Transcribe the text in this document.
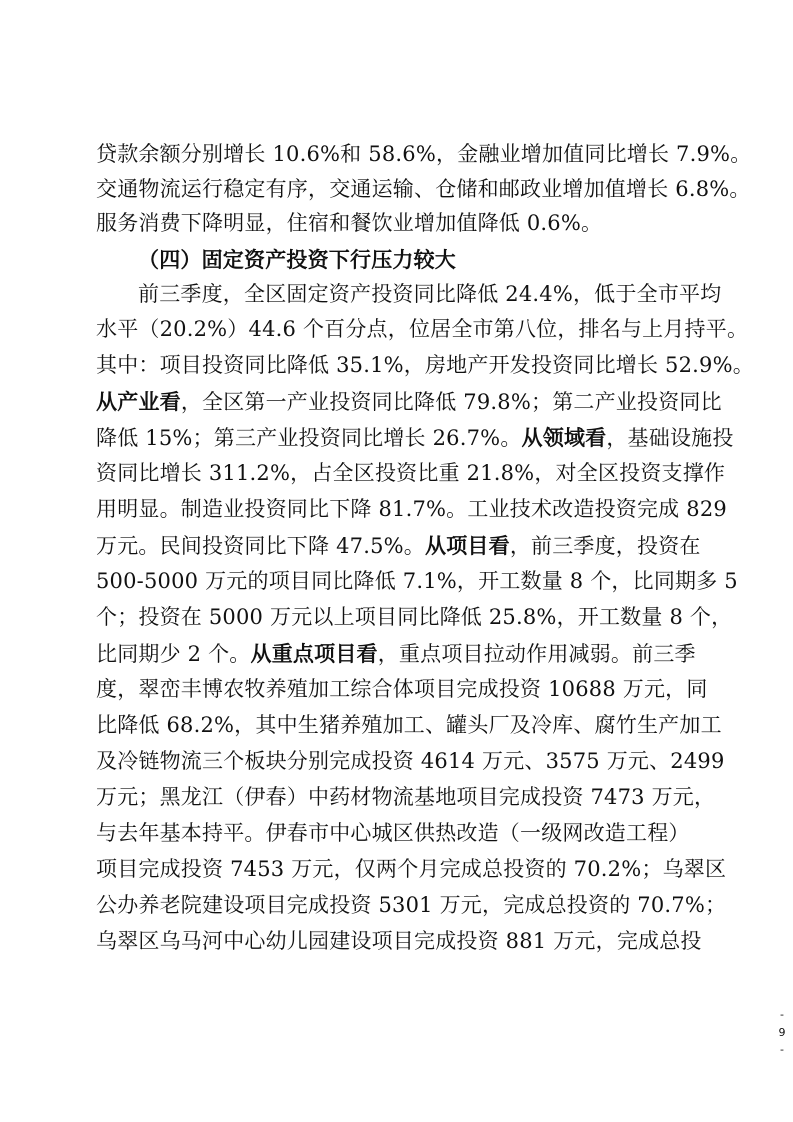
贷款余额分别增长 10.6%和 58.6%，金融业增加值同比增长 7.9%。
交通物流运行稳定有序，交通运输、仓储和邮政业增加值增长 6.8%。
服务消费下降明显，住宿和餐饮业增加值降低 0.6%。
（四）固定资产投资下行压力较大
前三季度，全区固定资产投资同比降低 24.4%，低于全市平均
水平（20.2%）44.6 个百分点，位居全市第八位，排名与上月持平。
其中：项目投资同比降低 35.1%，房地产开发投资同比增长 52.9%。
从产业看，全区第一产业投资同比降低 79.8%；第二产业投资同比
降低 15%；第三产业投资同比增长 26.7%。从领域看，基础设施投
资同比增长 311.2%，占全区投资比重 21.8%，对全区投资支撑作
用明显。制造业投资同比下降 81.7%。工业技术改造投资完成 829
万元。民间投资同比下降 47.5%。从项目看，前三季度，投资在
500-5000 万元的项目同比降低 7.1%，开工数量 8 个，比同期多 5
个；投资在 5000 万元以上项目同比降低 25.8%，开工数量 8 个，
比同期少 2 个。从重点项目看，重点项目拉动作用减弱。前三季
度，翠峦丰博农牧养殖加工综合体项目完成投资 10688 万元，同
比降低 68.2%，其中生猪养殖加工、罐头厂及冷库、腐竹生产加工
及冷链物流三个板块分别完成投资 4614 万元、3575 万元、2499
万元；黑龙江（伊春）中药材物流基地项目完成投资 7473 万元，
与去年基本持平。伊春市中心城区供热改造（一级网改造工程）
项目完成投资 7453 万元，仅两个月完成总投资的 70.2%；乌翠区
公办养老院建设项目完成投资 5301 万元，完成总投资的 70.7%；
乌翠区乌马河中心幼儿园建设项目完成投资 881 万元，完成总投
-
9
-
